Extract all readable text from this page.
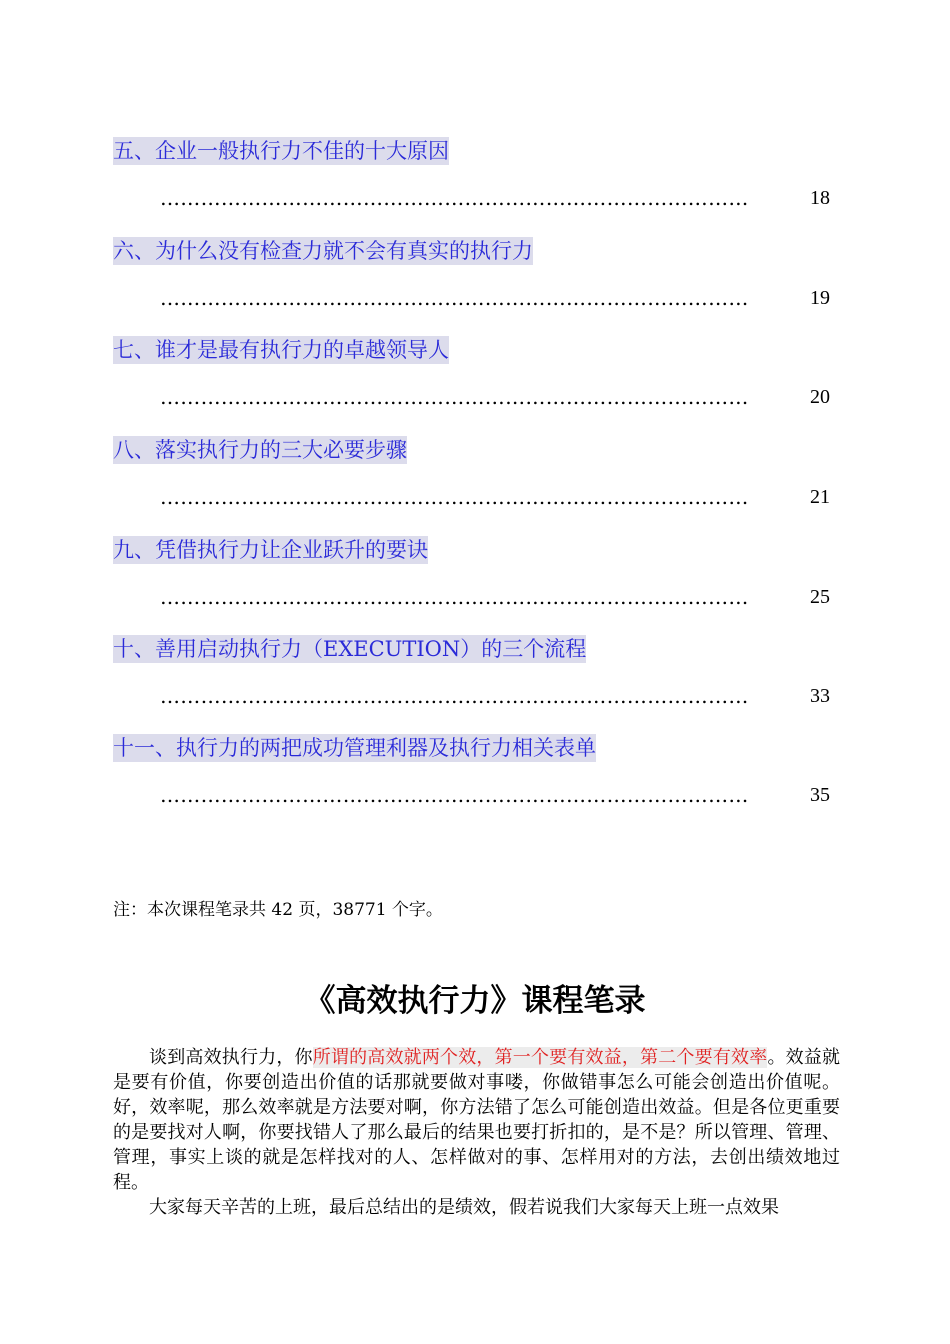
五、企业一般执行力不佳的十大原因
……………………………………………………………………………	18
六、为什么没有检查力就不会有真实的执行力
……………………………………………………………………………	19
七、谁才是最有执行力的卓越领导人
……………………………………………………………………………	20
八、落实执行力的三大必要步骤
……………………………………………………………………………	21
九、凭借执行力让企业跃升的要诀
……………………………………………………………………………	25
十、善用启动执行力（EXECUTION）的三个流程
……………………………………………………………………………	33
十一、执行力的两把成功管理利器及执行力相关表单
……………………………………………………………………………	35
注：本次课程笔录共 42 页，38771 个字。
《高效执行力》课程笔录

谈到高效执行力，你所谓的高效就两个效，第一个要有效益，第二个要有效率。效益就是要有价值，你要创造出价值的话那就要做对事喽，你做错事怎么可能会创造出价值呢。好，效率呢，那么效率就是方法要对啊，你方法错了怎么可能创造出效益。但是各位更重要的是要找对人啊，你要找错人了那么最后的结果也要打折扣的，是不是？所以管理、管理、管理，事实上谈的就是怎样找对的人、怎样做对的事、怎样用对的方法，去创出绩效地过程。

大家每天辛苦的上班，最后总结出的是绩效，假若说我们大家每天上班一点效果
